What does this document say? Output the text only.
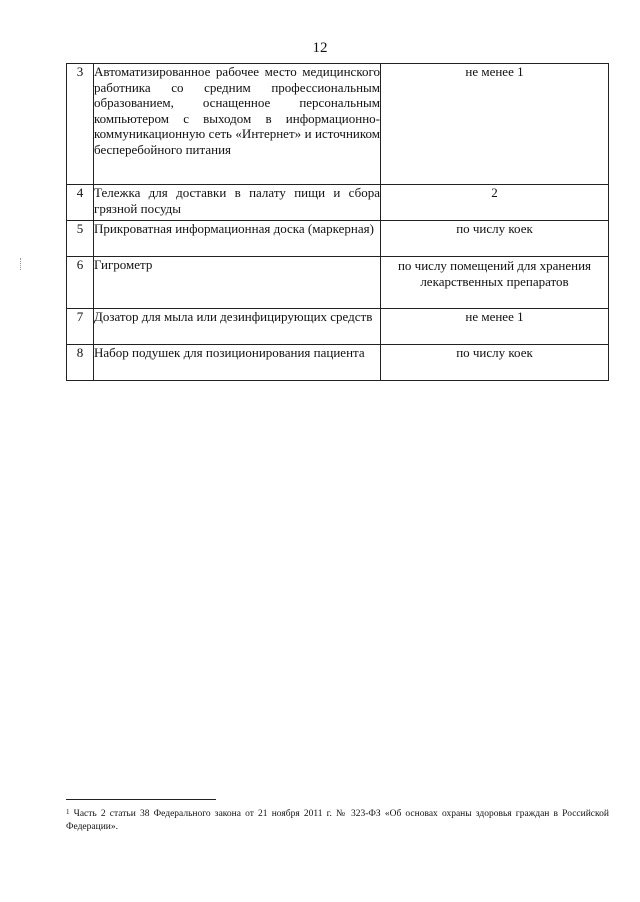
12
3	Автоматизированное рабочее место медицинского работника со средним профессиональным образованием, оснащенное персональным компьютером с выходом в информационно-коммуникационную сеть «Интернет» и источником бесперебойного питания	не менее 1
4	Тележка для доставки в палату пищи и сбора грязной посуды	2
5	Прикроватная информационная доска (маркерная)	по числу коек
6	Гигрометр	по числу помещений для хранения лекарственных препаратов
7	Дозатор для мыла или дезинфицирующих средств	не менее 1
8	Набор подушек для позиционирования пациента	по числу коек
$^1$ Часть 2 статьи 38 Федерального закона от 21 ноября 2011 г. № 323-ФЗ «Об основах охраны здоровья граждан в Российской Федерации».
